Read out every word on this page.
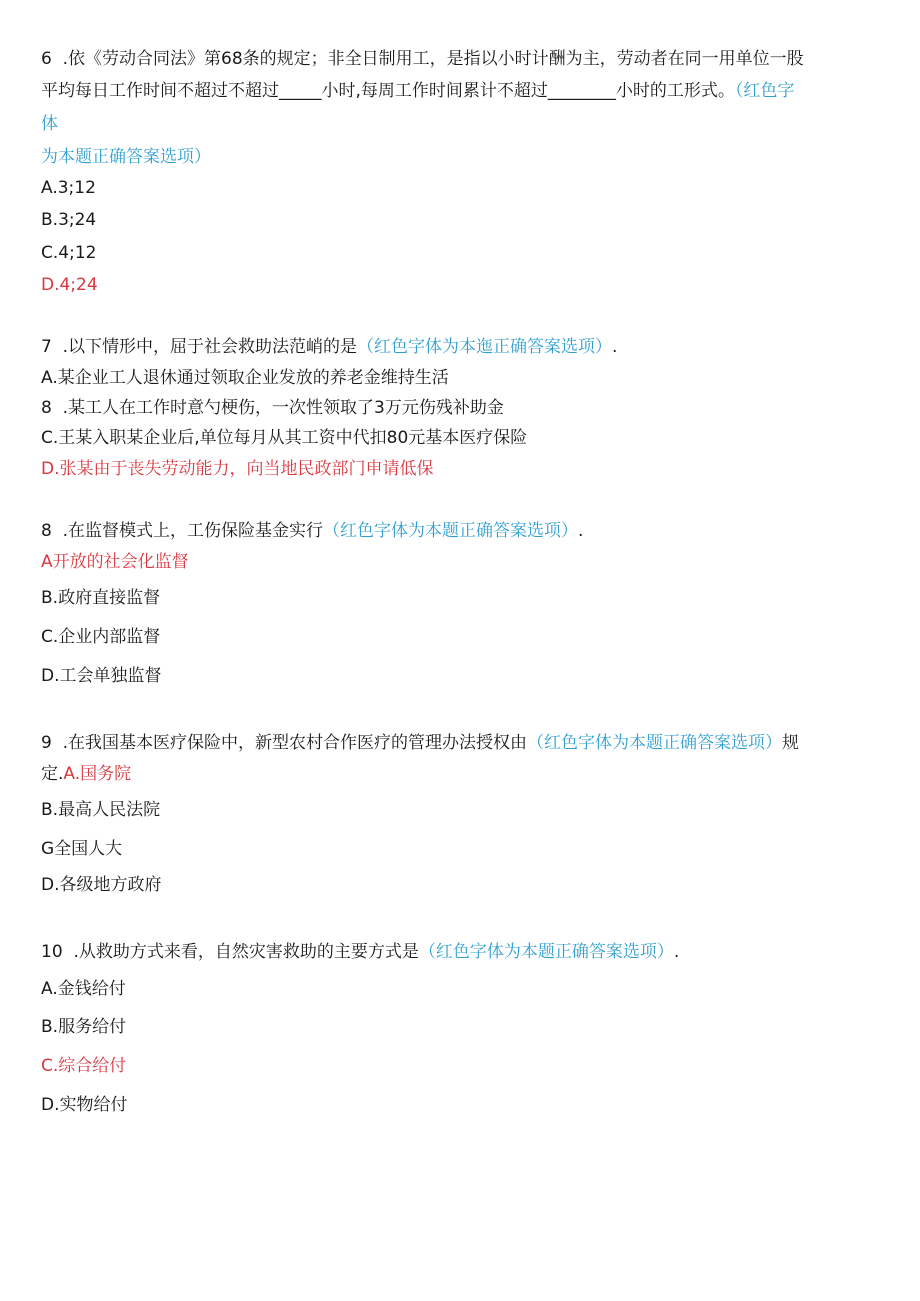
6  .依《劳动合同法》第68条的规定；非全日制用工，是指以小时计酬为主，劳动者在同一用单位一股
平均每日工作时间不超过不超过_____小时,每周工作时间累计不超过________小时的工形式。（红色字
体
为本题正确答案选项）
A.3;12
B.3;24
C.4;12
D.4;24
7  .以下情形中，屈于社会救助法范峭的是（红色字体为本迤正确答案选项）.
A.某企业工人退休通过领取企业发放的养老金维持生活
8  .某工人在工作时意勺梗伤，一次性领取了3万元伤残补助金
C.王某入职某企业后,单位每月从其工资中代扣80元基本医疗保险
D.张某由于丧失劳动能力，向当地民政部门申请低保
8  .在监督模式上，工伤保险基金实行（红色字体为本题正确答案选项）.
A开放的社会化监督
B.政府直接监督
C.企业内部监督
D.工会单独监督
9  .在我国基本医疗保险中，新型农村合作医疗的管理办法授权由（红色字体为本题正确答案选项）规
定.A.国务院
B.最高人民法院
G全国人大
D.各级地方政府
10  .从救助方式来看，自然灾害救助的主要方式是（红色字体为本题正确答案选项）.
A.金钱给付
B.服务给付
C.综合给付
D.实物给付
